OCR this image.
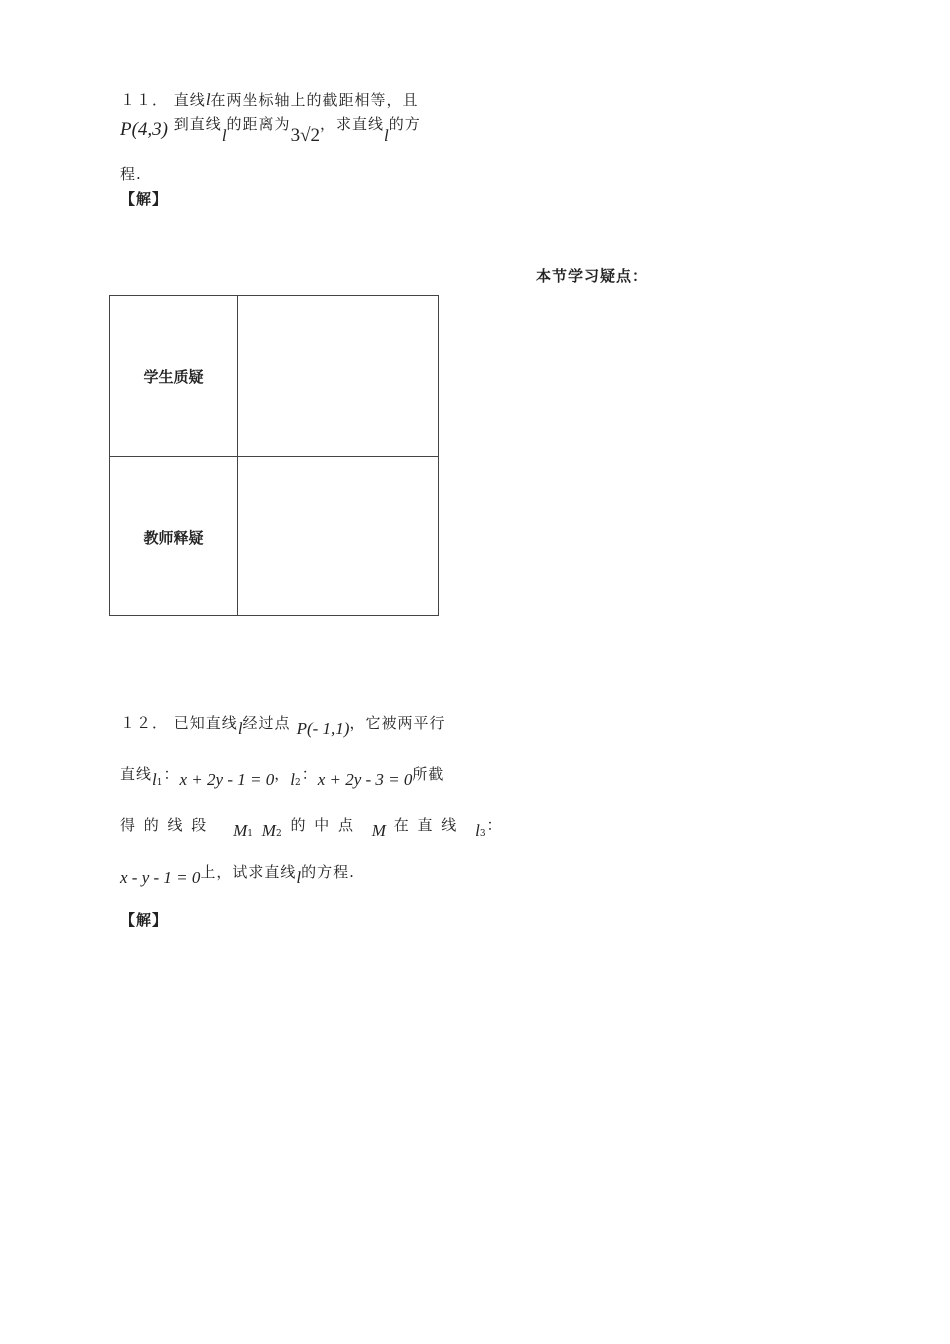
１１． 直线l在两坐标轴上的截距相等，且
P(4,3) 到直线l的距离为3√2，求直线l的方
程.
【解】
本节学习疑点：
学生质疑
教师释疑
１２． 已知直线l经过点 P(- 1,1)，它被两平行
直线$l_1$：x + 2y - 1 = 0，$l_2$：x + 2y - 3 = 0所截
得 的 线 段 $M_1$ $M_2$ 的 中 点 M 在 直 线 $l_3$：
x - y - 1 = 0上，试求直线l的方程.
【解】
